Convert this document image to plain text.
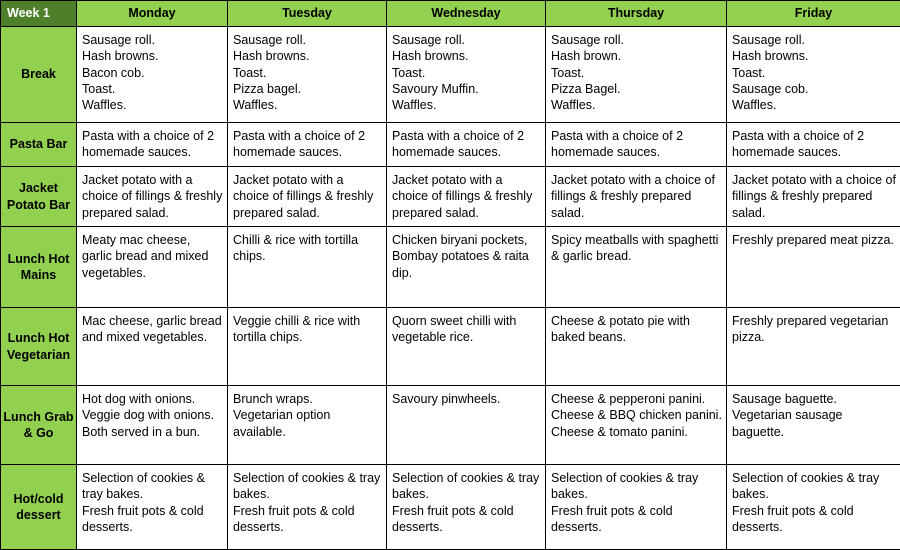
Week 1	Monday	Tuesday	Wednesday	Thursday	Friday
Break	Sausage roll.
Hash browns.
Bacon cob.
Toast.
Waffles.	Sausage roll.
Hash browns.
Toast.
Pizza bagel.
Waffles.	Sausage roll.
Hash browns.
Toast.
Savoury Muffin.
Waffles.	Sausage roll.
Hash brown.
Toast.
Pizza Bagel.
Waffles.	Sausage roll.
Hash browns.
Toast.
Sausage cob.
Waffles.
Pasta Bar	Pasta with a choice of 2 homemade sauces.	Pasta with a choice of 2 homemade sauces.	Pasta with a choice of 2 homemade sauces.	Pasta with a choice of 2 homemade sauces.	Pasta with a choice of 2 homemade sauces.
Jacket Potato Bar	Jacket potato with a choice of fillings & freshly prepared salad.	Jacket potato with a choice of fillings & freshly prepared salad.	Jacket potato with a choice of fillings & freshly prepared salad.	Jacket potato with a choice of fillings & freshly prepared salad.	Jacket potato with a choice of fillings & freshly prepared salad.
Lunch Hot Mains	Meaty mac cheese, garlic bread and mixed vegetables.	Chilli & rice with tortilla chips.	Chicken biryani pockets, Bombay potatoes & raita dip.	Spicy meatballs with spaghetti & garlic bread.	Freshly prepared meat pizza.
Lunch Hot Vegetarian	Mac cheese, garlic bread and mixed vegetables.	Veggie chilli & rice with tortilla chips.	Quorn sweet chilli with vegetable rice.	Cheese & potato pie with baked beans.	Freshly prepared vegetarian pizza.
Lunch Grab & Go	Hot dog with onions.
Veggie dog with onions.
Both served in a bun.	Brunch wraps.
Vegetarian option available.	Savoury pinwheels.	Cheese & pepperoni panini.
Cheese & BBQ chicken panini.
Cheese & tomato panini.	Sausage baguette.
Vegetarian sausage baguette.
Hot/cold dessert	Selection of cookies & tray bakes.
Fresh fruit pots & cold desserts.	Selection of cookies & tray bakes.
Fresh fruit pots & cold desserts.	Selection of cookies & tray bakes.
Fresh fruit pots & cold desserts.	Selection of cookies & tray bakes.
Fresh fruit pots & cold desserts.	Selection of cookies & tray bakes.
Fresh fruit pots & cold desserts.
